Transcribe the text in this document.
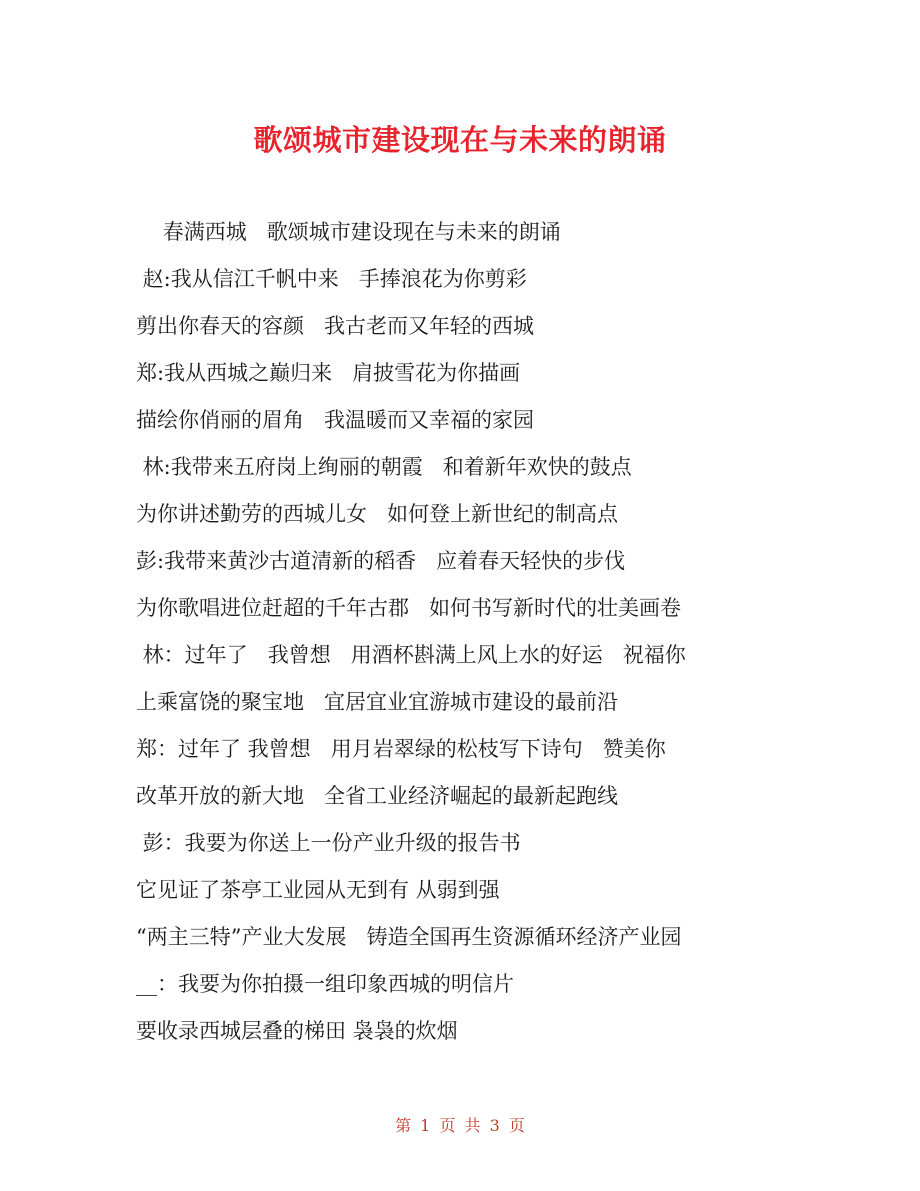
歌颂城市建设现在与未来的朗诵
春满西城   歌颂城市建设现在与未来的朗诵
赵:我从信江千帆中来   手捧浪花为你剪彩
剪出你春天的容颜   我古老而又年轻的西城
郑:我从西城之巅归来   肩披雪花为你描画
描绘你俏丽的眉角   我温暖而又幸福的家园
林:我带来五府岗上绚丽的朝霞   和着新年欢快的鼓点
为你讲述勤劳的西城儿女   如何登上新世纪的制高点
彭:我带来黄沙古道清新的稻香   应着春天轻快的步伐
为你歌唱进位赶超的千年古郡   如何书写新时代的壮美画卷
林：过年了   我曾想   用酒杯斟满上风上水的好运   祝福你
上乘富饶的聚宝地   宜居宜业宜游城市建设的最前沿
郑：过年了 我曾想   用月岩翠绿的松枝写下诗句   赞美你
改革开放的新大地   全省工业经济崛起的最新起跑线
彭：我要为你送上一份产业升级的报告书
它见证了茶亭工业园从无到有 从弱到强
“两主三特”产业大发展   铸造全国再生资源循环经济产业园
__：我要为你拍摄一组印象西城的明信片
要收录西城层叠的梯田 袅袅的炊烟
第 1 页 共 3 页
